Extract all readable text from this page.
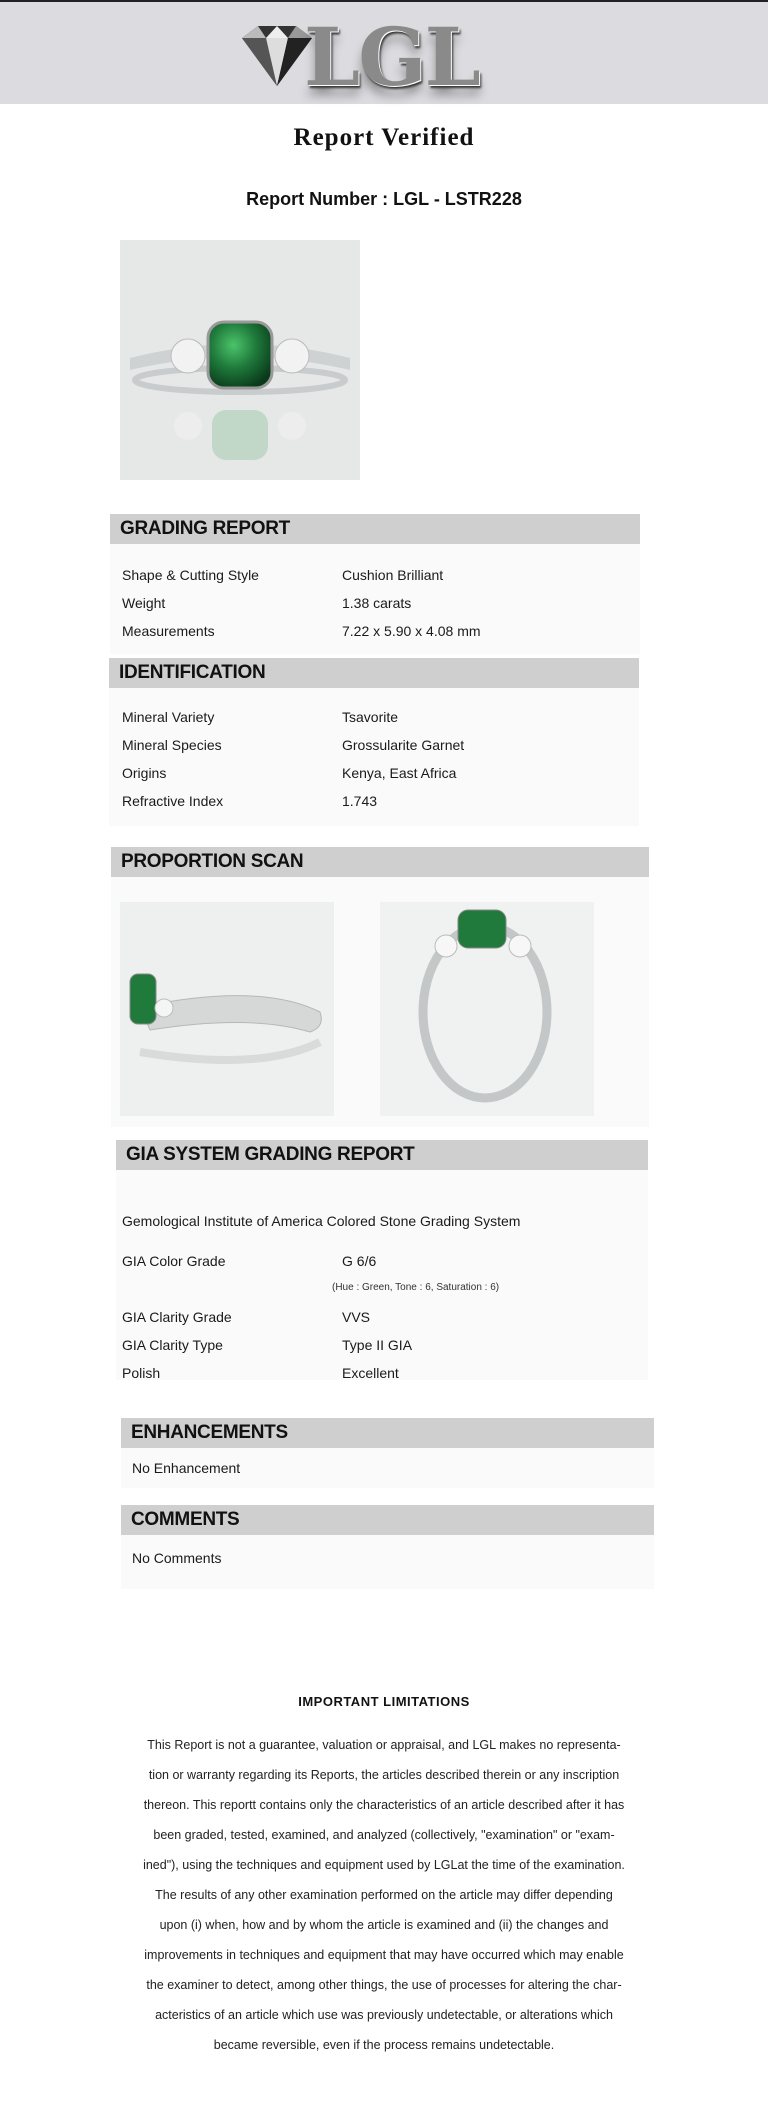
LGL
Report Verified
Report Number : LGL - LSTR228
GRADING REPORT
Shape & Cutting Style	Cushion Brilliant
Weight	1.38 carats
Measurements	7.22 x 5.90 x 4.08 mm
IDENTIFICATION
Mineral Variety	Tsavorite
Mineral Species	Grossularite Garnet
Origins	Kenya, East Africa
Refractive Index	1.743
PROPORTION SCAN
GIA SYSTEM GRADING REPORT
Gemological Institute of America Colored Stone Grading System
GIA Color Grade	G 6/6
(Hue : Green, Tone : 6, Saturation : 6)
GIA Clarity Grade	VVS
GIA Clarity Type	Type II GIA
Polish	Excellent
ENHANCEMENTS
No Enhancement
COMMENTS
No Comments
IMPORTANT LIMITATIONS
This Report is not a guarantee, valuation or appraisal, and LGL makes no representa-
tion or warranty regarding its Reports, the articles described therein or any inscription
thereon. This reportt contains only the characteristics of an article described after it has
been graded, tested, examined, and analyzed (collectively, "examination" or "exam-
ined"), using the techniques and equipment used by LGLat the time of the examination.
The results of any other examination performed on the article may differ depending
upon (i) when, how and by whom the article is examined and (ii) the changes and
improvements in techniques and equipment that may have occurred which may enable
the examiner to detect, among other things, the use of processes for altering the char-
acteristics of an article which use was previously undetectable, or alterations which
became reversible, even if the process remains undetectable.
